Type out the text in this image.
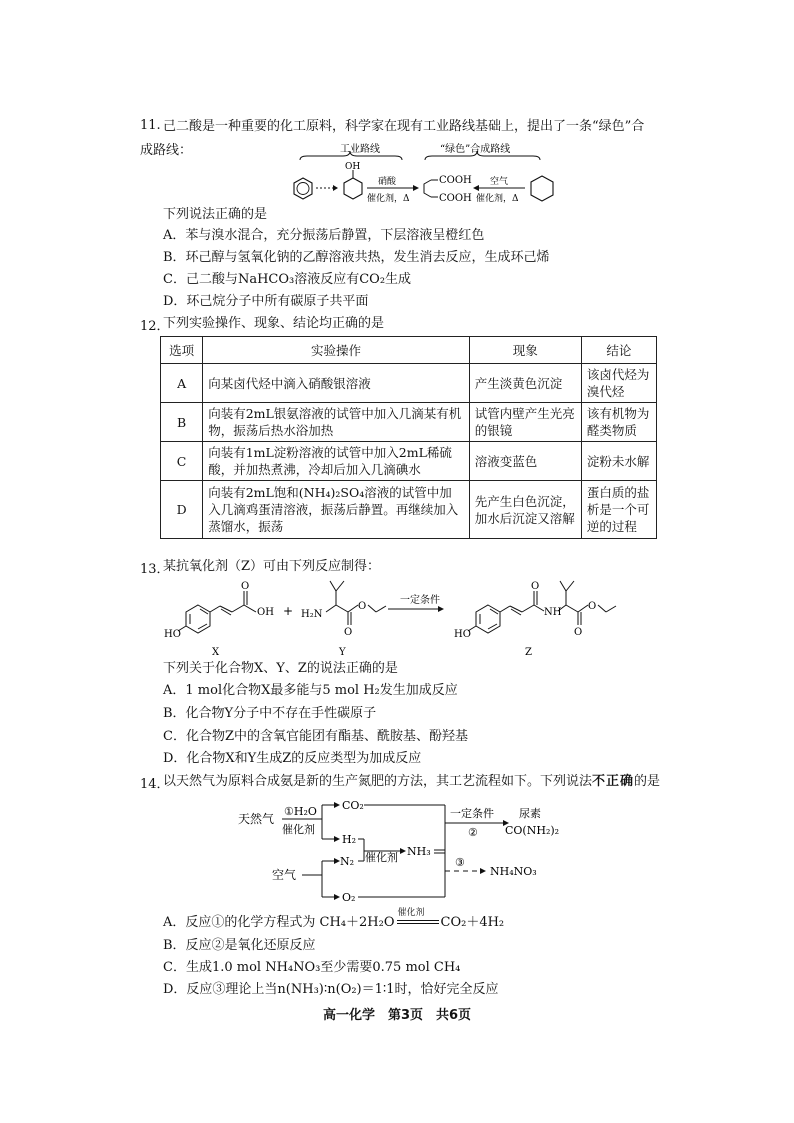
11. 己二酸是一种重要的化工原料，科学家在现有工业路线基础上，提出了一条“绿色”合
成路线：	工业路线	“绿色”合成路线
OH
硝酸
催化剂，Δ
COOH
COOH
空气
催化剂，Δ
下列说法正确的是
A．苯与溴水混合，充分振荡后静置，下层溶液呈橙红色
B．环己醇与氢氧化钠的乙醇溶液共热，发生消去反应，生成环己烯
C．己二酸与NaHCO₃溶液反应有CO₂生成
D．环己烷分子中所有碳原子共平面
12．
下列实验操作、现象、结论均正确的是
选项	实验操作	现象	结论
A	向某卤代烃中滴入硝酸银溶液	产生淡黄色沉淀	该卤代烃为溴代烃
B	向装有2mL银氨溶液的试管中加入几滴某有机物，振荡后热水浴加热	试管内壁产生光亮的银镜	该有机物为醛类物质
C	向装有1mL淀粉溶液的试管中加入2mL稀硫酸，并加热煮沸，冷却后加入几滴碘水	溶液变蓝色	淀粉未水解
D	向装有2mL饱和(NH₄)₂SO₄溶液的试管中加入几滴鸡蛋清溶液，振荡后静置。再继续加入蒸馏水，振荡	先产生白色沉淀，加水后沉淀又溶解	蛋白质的盐析是一个可逆的过程
13．
某抗氧化剂（Z）可由下列反应制得：
HO
O
OH
X
+ H₂N
O
O
Y
一定条件
HO
O
NH
O
O
Z
下列关于化合物X、Y、Z的说法正确的是
A．1 mol化合物X最多能与5 mol H₂发生加成反应
B．化合物Y分子中不存在手性碳原子
C．化合物Z中的含氧官能团有酯基、酰胺基、酚羟基
D．化合物X和Y生成Z的反应类型为加成反应
14．
以天然气为原料合成氨是新的生产氮肥的方法，其工艺流程如下。下列说法不正确的是
天然气
①H₂O
催化剂
CO₂
H₂
催化剂 NH₃
一定条件
②
尿素
CO(NH₂)₂
空气
N₂
O₂
③
NH₄NO₃
A．反应①的化学方程式为 CH₄＋2H₂O
催化剂
CO₂＋4H₂
B．反应②是氧化还原反应
C．生成1.0 mol NH₄NO₃至少需要0.75 mol CH₄
D．反应③理论上当n(NH₃)∶n(O₂)＝1∶1时，恰好完全反应
高一化学　第3页　共6页
